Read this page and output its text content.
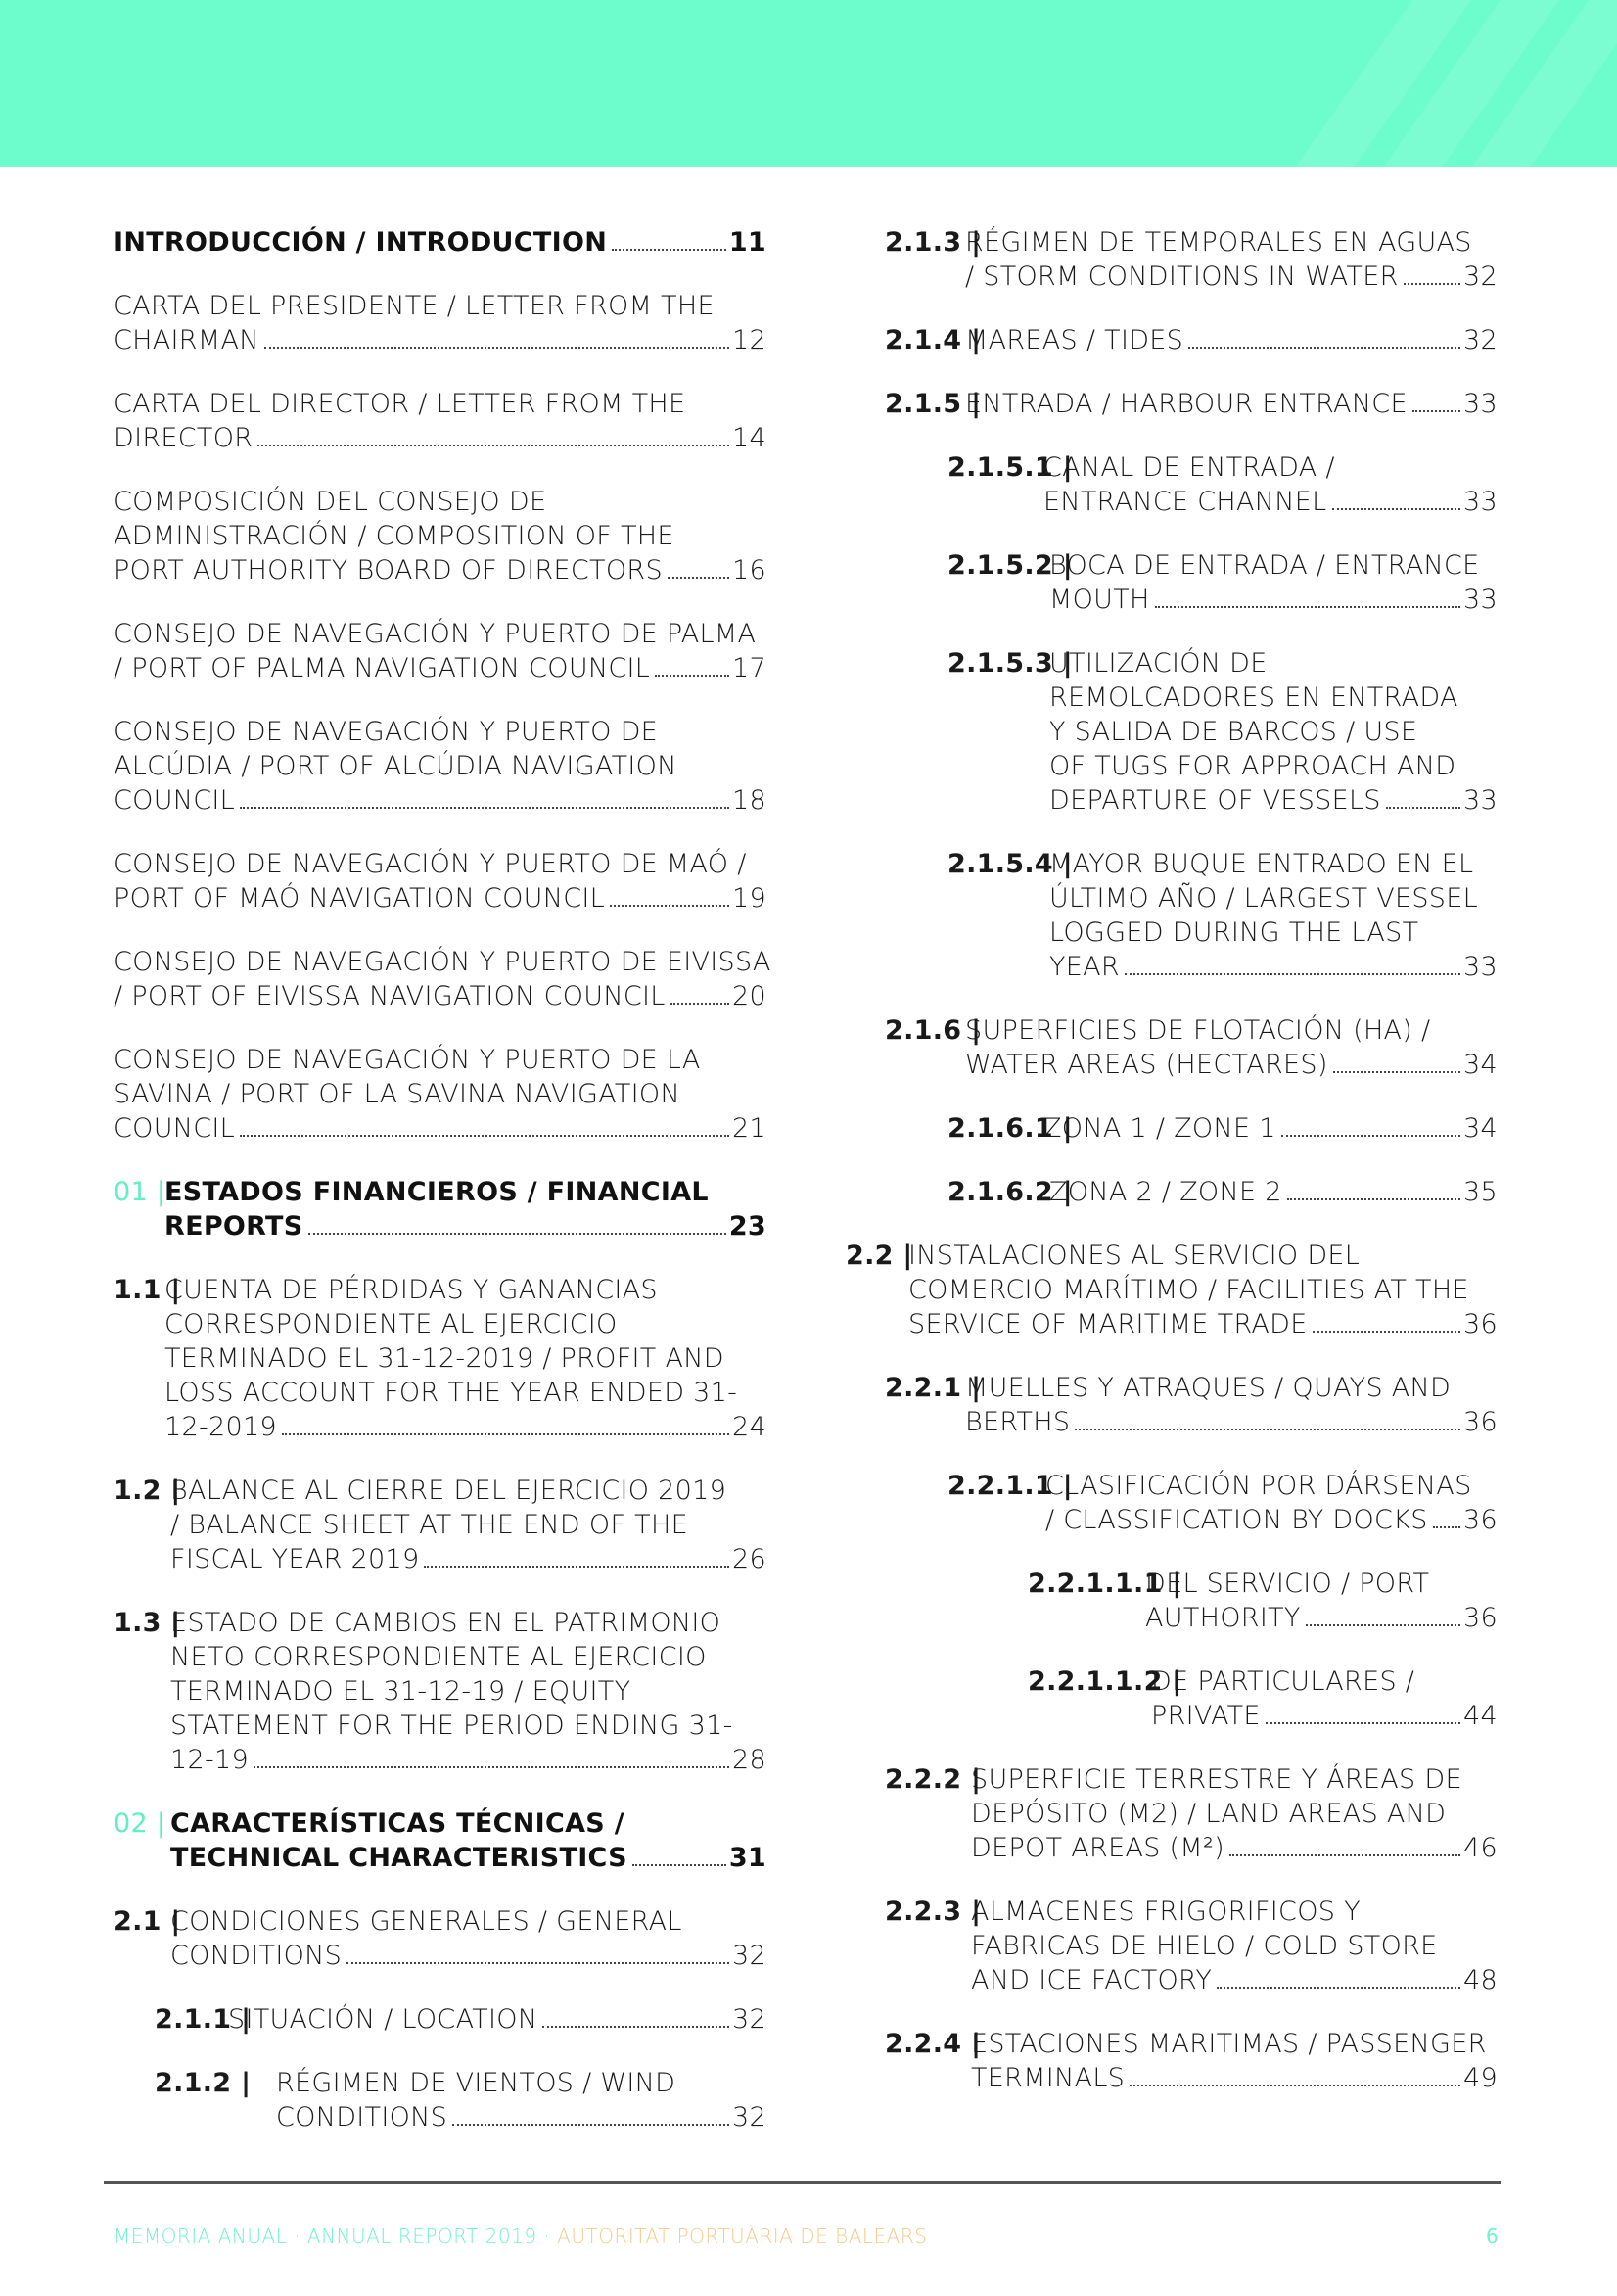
INTRODUCCIÓN / INTRODUCTION	11
CARTA DEL PRESIDENTE / LETTER FROM THE
CHAIRMAN	12
CARTA DEL DIRECTOR / LETTER FROM THE
DIRECTOR	14
COMPOSICIÓN DEL CONSEJO DE
ADMINISTRACIÓN / COMPOSITION OF THE
PORT AUTHORITY BOARD OF DIRECTORS	16
CONSEJO DE NAVEGACIÓN Y PUERTO DE PALMA
/ PORT OF PALMA NAVIGATION COUNCIL	17
CONSEJO DE NAVEGACIÓN Y PUERTO DE
ALCÚDIA / PORT OF ALCÚDIA NAVIGATION
COUNCIL	18
CONSEJO DE NAVEGACIÓN Y PUERTO DE MAÓ /
PORT OF MAÓ NAVIGATION COUNCIL	19
CONSEJO DE NAVEGACIÓN Y PUERTO DE EIVISSA
/ PORT OF EIVISSA NAVIGATION COUNCIL	20
CONSEJO DE NAVEGACIÓN Y PUERTO DE LA
SAVINA / PORT OF LA SAVINA NAVIGATION
COUNCIL	21
01 |
ESTADOS FINANCIEROS / FINANCIAL
REPORTS	23
1.1 |
CUENTA DE PÉRDIDAS Y GANANCIAS
CORRESPONDIENTE AL EJERCICIO
TERMINADO EL 31-12-2019 / PROFIT AND
LOSS ACCOUNT FOR THE YEAR ENDED 31-
12-2019	24
1.2 |
BALANCE AL CIERRE DEL EJERCICIO 2019
/ BALANCE SHEET AT THE END OF THE
FISCAL YEAR 2019	26
1.3 |
ESTADO DE CAMBIOS EN EL PATRIMONIO
NETO CORRESPONDIENTE AL EJERCICIO
TERMINADO EL 31-12-19 / EQUITY
STATEMENT FOR THE PERIOD ENDING 31-
12-19	28
02 | CARACTERÍSTICAS TÉCNICAS /
TECHNICAL CHARACTERISTICS	31
2.1 |
CONDICIONES GENERALES / GENERAL
CONDITIONS	32
2.1.1 |
SITUACIÓN / LOCATION	32
2.1.2 | RÉGIMEN DE VIENTOS / WIND
CONDITIONS	32
2.1.3 |
RÉGIMEN DE TEMPORALES EN AGUAS
/ STORM CONDITIONS IN WATER 32
2.1.4 |
MAREAS / TIDES	32
2.1.5 |
ENTRADA / HARBOUR ENTRANCE 33
2.1.5.1 |
CANAL DE ENTRADA /
ENTRANCE CHANNEL	33
2.1.5.2 |
BOCA DE ENTRADA / ENTRANCE
MOUTH	33
2.1.5.3 |
UTILIZACIÓN DE
REMOLCADORES EN ENTRADA
Y SALIDA DE BARCOS / USE
OF TUGS FOR APPROACH AND
DEPARTURE OF VESSELS	33
2.1.5.4 |
MAYOR BUQUE ENTRADO EN EL
ÚLTIMO AÑO / LARGEST VESSEL
LOGGED DURING THE LAST
YEAR	33
2.1.6 |
SUPERFICIES DE FLOTACIÓN (HA) /
WATER AREAS (HECTARES)	34
2.1.6.1 |
ZONA 1 / ZONE 1	34
2.1.6.2 |
ZONA 2 / ZONE 2	35
2.2 |
INSTALACIONES AL SERVICIO DEL
COMERCIO MARÍTIMO / FACILITIES AT THE
SERVICE OF MARITIME TRADE	36
2.2.1 |
MUELLES Y ATRAQUES / QUAYS AND
BERTHS	36
2.2.1.1 |
CLASIFICACIÓN POR DÁRSENAS
/ CLASSIFICATION BY DOCKS 36
2.2.1.1.1 |
DEL SERVICIO / PORT
AUTHORITY	36
2.2.1.1.2 |
DE PARTICULARES /
PRIVATE	44
2.2.2 |
SUPERFICIE TERRESTRE Y ÁREAS DE
DEPÓSITO (M2) / LAND AREAS AND
DEPOT AREAS (M²)	46
2.2.3 |
ALMACENES FRIGORIFICOS Y
FABRICAS DE HIELO / COLD STORE
AND ICE FACTORY	48
2.2.4 |
ESTACIONES MARITIMAS / PASSENGER
TERMINALS	49
MEMORIA ANUAL · ANNUAL REPORT 2019 · AUTORITAT PORTUÀRIA DE BALEARS	6
